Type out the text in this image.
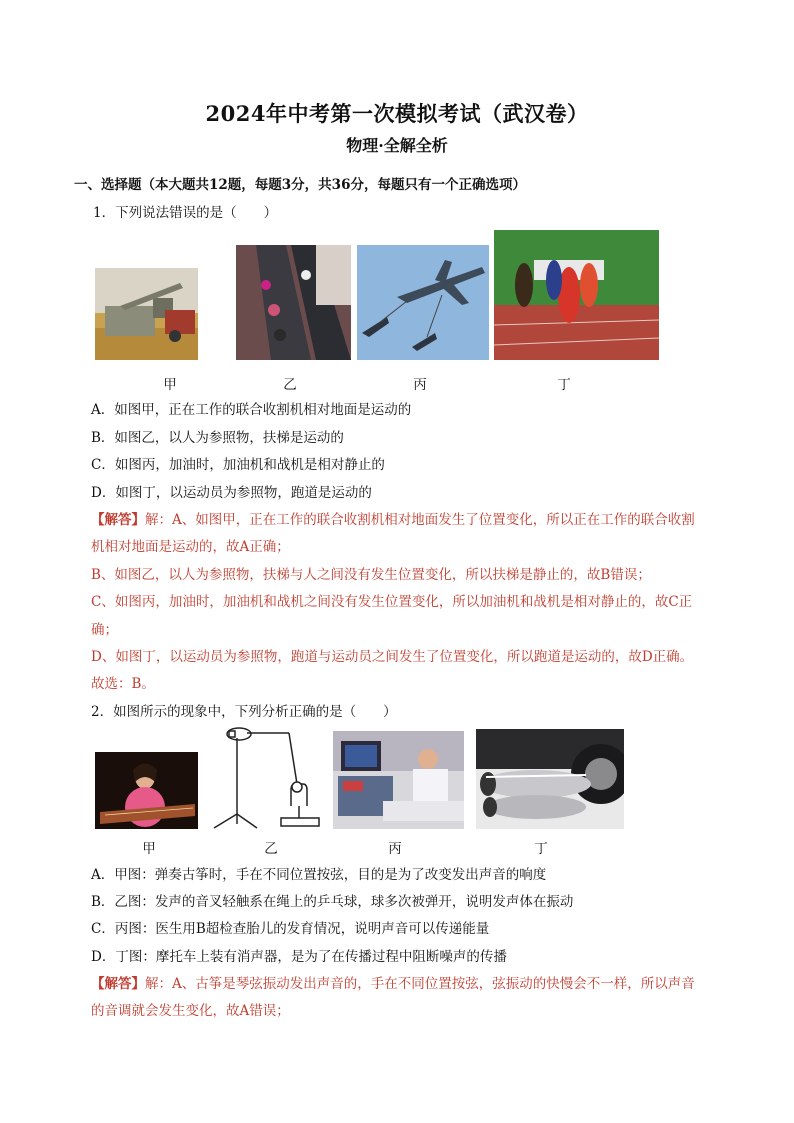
2024年中考第一次模拟考试（武汉卷）
物理·全解全析
一、选择题（本大题共12题，每题3分，共36分，每题只有一个正确选项）
1．下列说法错误的是（　　）
甲	乙	丙	丁
A．如图甲，正在工作的联合收割机相对地面是运动的
B．如图乙，以人为参照物，扶梯是运动的
C．如图丙，加油时，加油机和战机是相对静止的
D．如图丁，以运动员为参照物，跑道是运动的
【解答】解：A、如图甲，正在工作的联合收割机相对地面发生了位置变化，所以正在工作的联合收割
机相对地面是运动的，故A正确；
B、如图乙，以人为参照物，扶梯与人之间没有发生位置变化，所以扶梯是静止的，故B错误；
C、如图丙，加油时，加油机和战机之间没有发生位置变化，所以加油机和战机是相对静止的，故C正
确；
D、如图丁，以运动员为参照物，跑道与运动员之间发生了位置变化，所以跑道是运动的，故D正确。
故选：B。
2．如图所示的现象中，下列分析正确的是（　　）
甲	乙	丙	丁
A．甲图：弹奏古筝时，手在不同位置按弦，目的是为了改变发出声音的响度
B．乙图：发声的音叉轻触系在绳上的乒乓球，球多次被弹开，说明发声体在振动
C．丙图：医生用B超检查胎儿的发育情况，说明声音可以传递能量
D．丁图：摩托车上装有消声器，是为了在传播过程中阻断噪声的传播
【解答】解：A、古筝是琴弦振动发出声音的，手在不同位置按弦，弦振动的快慢会不一样，所以声音
的音调就会发生变化，故A错误；
